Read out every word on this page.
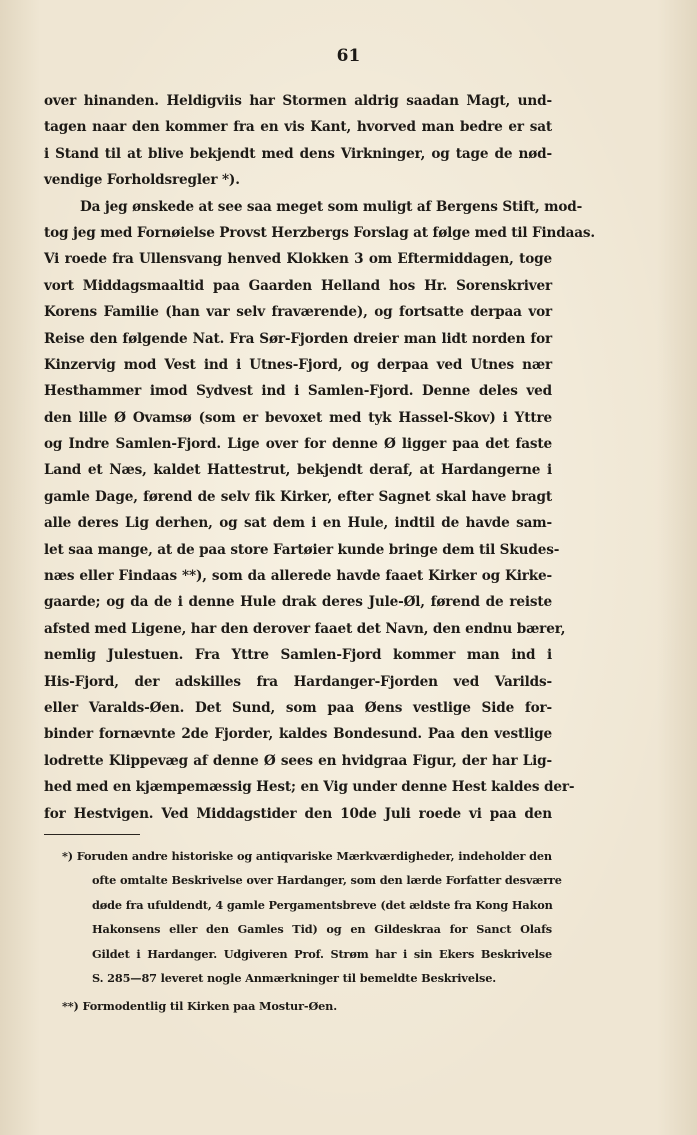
61
over hinanden. Heldigviis har Stormen aldrig saadan Magt, und-
tagen naar den kommer fra en vis Kant, hvorved man bedre er sat
i Stand til at blive bekjendt med dens Virkninger, og tage de nød-
vendige Forholdsregler *).
Da jeg ønskede at see saa meget som muligt af Bergens Stift, mod-
tog jeg med Fornøielse Provst Herzbergs Forslag at følge med til Findaas.
Vi roede fra Ullensvang henved Klokken 3 om Eftermiddagen, toge
vort Middagsmaaltid paa Gaarden Helland hos Hr. Sorenskriver
Korens Familie (han var selv fraværende), og fortsatte derpaa vor
Reise den følgende Nat. Fra Sør-Fjorden dreier man lidt norden for
Kinzervig mod Vest ind i Utnes-Fjord, og derpaa ved Utnes nær
Hesthammer imod Sydvest ind i Samlen-Fjord. Denne deles ved
den lille Ø Ovamsø (som er bevoxet med tyk Hassel-Skov) i Yttre
og Indre Samlen-Fjord. Lige over for denne Ø ligger paa det faste
Land et Næs, kaldet Hattestrut, bekjendt deraf, at Hardangerne i
gamle Dage, førend de selv fik Kirker, efter Sagnet skal have bragt
alle deres Lig derhen, og sat dem i en Hule, indtil de havde sam-
let saa mange, at de paa store Fartøier kunde bringe dem til Skudes-
næs eller Findaas **), som da allerede havde faaet Kirker og Kirke-
gaarde; og da de i denne Hule drak deres Jule-Øl, førend de reiste
afsted med Ligene, har den derover faaet det Navn, den endnu bærer,
nemlig Julestuen. Fra Yttre Samlen-Fjord kommer man ind i
His-Fjord, der adskilles fra Hardanger-Fjorden ved Varilds-
eller Varalds-Øen. Det Sund, som paa Øens vestlige Side for-
binder fornævnte 2de Fjorder, kaldes Bondesund. Paa den vestlige
lodrette Klippevæg af denne Ø sees en hvidgraa Figur, der har Lig-
hed med en kjæmpemæssig Hest; en Vig under denne Hest kaldes der-
for Hestvigen. Ved Middagstider den 10de Juli roede vi paa den
*) Foruden andre historiske og antiqvariske Mærkværdigheder, indeholder den
ofte omtalte Beskrivelse over Hardanger, som den lærde Forfatter desværre
døde fra ufuldendt, 4 gamle Pergamentsbreve (det ældste fra Kong Hakon
Hakonsens eller den Gamles Tid) og en Gildeskraa for Sanct Olafs
Gildet i Hardanger. Udgiveren Prof. Strøm har i sin Ekers Beskrivelse
S. 285—87 leveret nogle Anmærkninger til bemeldte Beskrivelse.
**) Formodentlig til Kirken paa Mostur-Øen.
